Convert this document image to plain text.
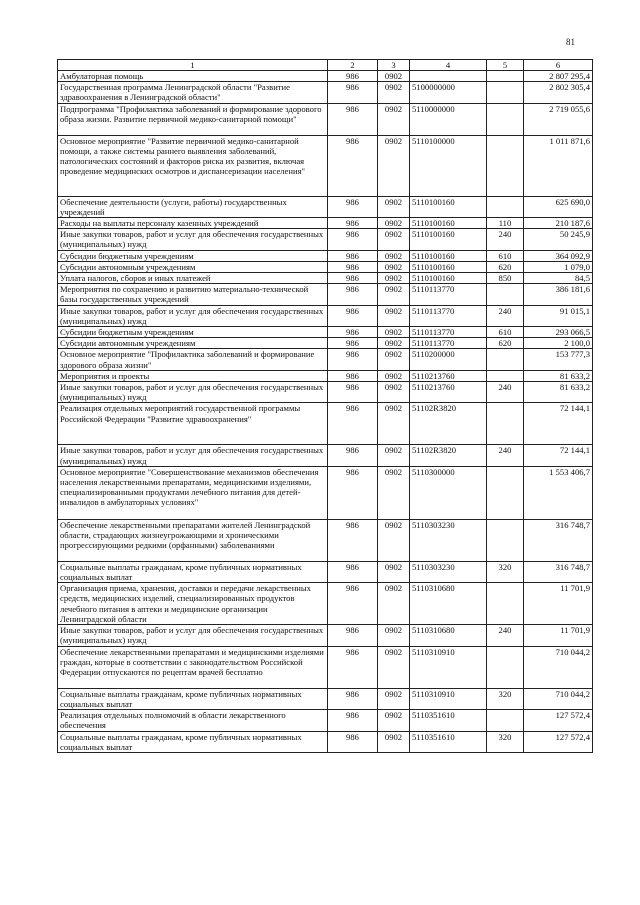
81
1	2	3	4	5	6
Амбулаторная помощь	986	0902			2 807 295,4
Государственная программа Ленинградской области "Развитие здравоохранения в Ленинградской области"	986	0902	5100000000		2 802 305,4
Подпрограмма "Профилактика заболеваний и формирование здорового образа жизни. Развитие первичной медико-санитарной помощи"	986	0902	5110000000		2 719 055,6
Основное мероприятие "Развитие первичной медико-санитарной помощи, а также системы раннего выявления заболеваний, патологических состояний и факторов риска их развития, включая проведение медицинских осмотров и диспансеризации населения"	986	0902	5110100000		1 011 871,6
Обеспечение деятельности (услуги, работы) государственных учреждений	986	0902	5110100160		625 690,0
Расходы на выплаты персоналу казенных учреждений	986	0902	5110100160	110	210 187,6
Иные закупки товаров, работ и услуг для обеспечения государственных (муниципальных) нужд	986	0902	5110100160	240	50 245,9
Субсидии бюджетным учреждениям	986	0902	5110100160	610	364 092,9
Субсидии автономным учреждениям	986	0902	5110100160	620	1 079,0
Уплата налогов, сборов и иных платежей	986	0902	5110100160	850	84,5
Мероприятия по сохранению и развитию материально-технической базы государственных учреждений	986	0902	5110113770		386 181,6
Иные закупки товаров, работ и услуг для обеспечения государственных (муниципальных) нужд	986	0902	5110113770	240	91 015,1
Субсидии бюджетным учреждениям	986	0902	5110113770	610	293 066,5
Субсидии автономным учреждениям	986	0902	5110113770	620	2 100,0
Основное мероприятие "Профилактика заболеваний и формирование здорового образа жизни"	986	0902	5110200000		153 777,3
Мероприятия и проекты	986	0902	5110213760		81 633,2
Иные закупки товаров, работ и услуг для обеспечения государственных (муниципальных) нужд	986	0902	5110213760	240	81 633,2
Реализация отдельных мероприятий государственной программы Российской Федерации "Развитие здравоохранения"	986	0902	51102R3820		72 144,1
Иные закупки товаров, работ и услуг для обеспечения государственных (муниципальных) нужд	986	0902	51102R3820	240	72 144,1
Основное мероприятие "Совершенствование механизмов обеспечения населения лекарственными препаратами, медицинскими изделиями, специализированными продуктами лечебного питания для детей-инвалидов в амбулаторных условиях"	986	0902	5110300000		1 553 406,7
Обеспечение лекарственными препаратами жителей Ленинградской области, страдающих жизнеугрожающими и хроническими прогрессирующими редкими (орфанными) заболеваниями	986	0902	5110303230		316 748,7
Социальные выплаты гражданам, кроме публичных нормативных социальных выплат	986	0902	5110303230	320	316 748,7
Организация приема, хранения, доставки и передачи лекарственных средств, медицинских изделий, специализированных продуктов лечебного питания в аптеки и медицинские организации Ленинградской области	986	0902	5110310680		11 701,9
Иные закупки товаров, работ и услуг для обеспечения государственных (муниципальных) нужд	986	0902	5110310680	240	11 701,9
Обеспечение лекарственными препаратами и медицинскими изделиями граждан, которые в соответствии с законодательством Российской Федерации отпускаются по рецептам врачей бесплатно	986	0902	5110310910		710 044,2
Социальные выплаты гражданам, кроме публичных нормативных социальных выплат	986	0902	5110310910	320	710 044,2
Реализация отдельных полномочий в области лекарственного обеспечения	986	0902	5110351610		127 572,4
Социальные выплаты гражданам, кроме публичных нормативных социальных выплат	986	0902	5110351610	320	127 572,4
